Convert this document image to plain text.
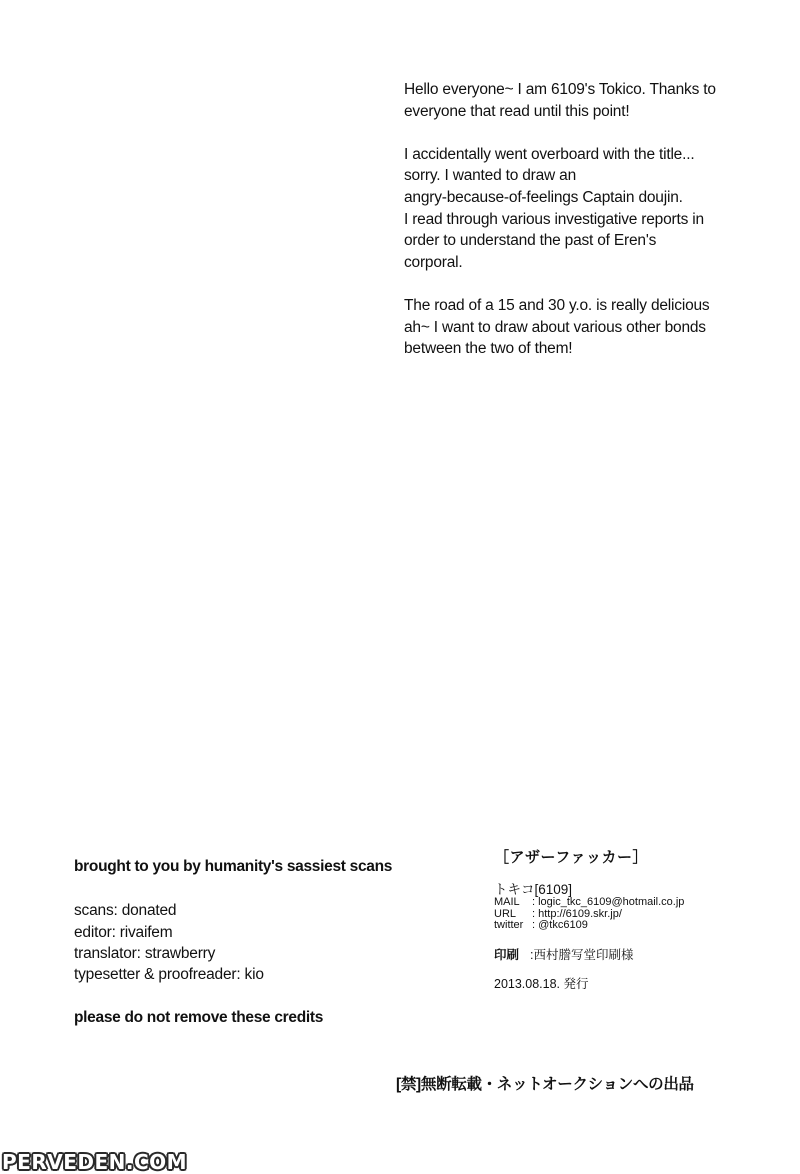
Hello everyone~ I am 6109's Tokico. Thanks to
everyone that read until this point!

I accidentally went overboard with the title...
sorry. I wanted to draw an
angry-because-of-feelings Captain doujin.
I read through various investigative reports in
order to understand the past of Eren's
corporal.

The road of a 15 and 30 y.o. is really delicious
ah~ I want to draw about various other bonds
between the two of them!

brought to you by humanity's sassiest scans
scans: donated
editor: rivaifem
translator: strawberry
typesetter & proofreader: kio
please do not remove these credits
［アザーファッカー］
トキコ[6109]
MAIL : logic_tkc_6109@hotmail.co.jp
URL : http://6109.skr.jp/
twitter : @tkc6109
印刷 :西村謄写堂印刷様
2013.08.18. 発行
[禁]無断転載・ネットオークションへの出品
PERVEDEN.COM
